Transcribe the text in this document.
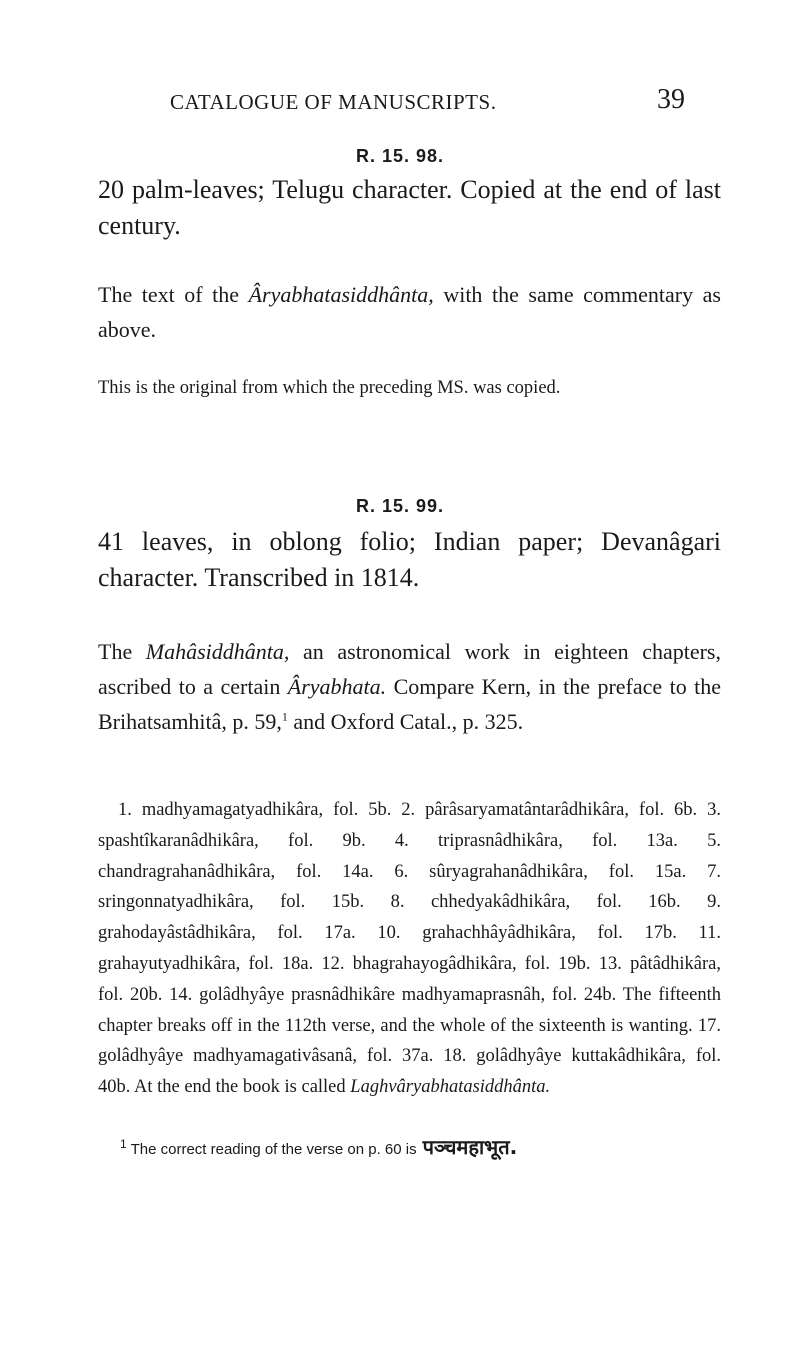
CATALOGUE OF MANUSCRIPTS.	39
R. 15. 98.
20 palm-leaves; Telugu character. Copied at the end of last century.
The text of the Âryabhatasiddhânta, with the same commentary as above.
This is the original from which the preceding MS. was copied.
R. 15. 99.
41 leaves, in oblong folio; Indian paper; Devanâgari character. Transcribed in 1814.
The Mahâsiddhânta, an astronomical work in eighteen chapters, ascribed to a certain Âryabhata. Compare Kern, in the preface to the Brihatsamhitâ, p. 59,$^1$ and Oxford Catal., p. 325.
1. madhyamagatyadhikâra, fol. 5b. 2. pârâsaryamatântarâdhikâra, fol. 6b. 3. spashtîkaranâdhikâra, fol. 9b. 4. triprasnâdhikâra, fol. 13a. 5. chandragrahanâdhikâra, fol. 14a. 6. sûryagrahanâdhikâra, fol. 15a. 7. sringonnatyadhikâra, fol. 15b. 8. chhedyakâdhikâra, fol. 16b. 9. grahodayâstâdhikâra, fol. 17a. 10. grahachhâyâdhikâra, fol. 17b. 11. grahayutyadhikâra, fol. 18a. 12. bhagrahayogâdhikâra, fol. 19b. 13. pâtâdhikâra, fol. 20b. 14. golâdhyâye prasnâdhikâre madhyamaprasnâh, fol. 24b. The fifteenth chapter breaks off in the 112th verse, and the whole of the sixteenth is wanting. 17. golâdhyâye madhyamagativâsanâ, fol. 37a. 18. golâdhyâye kuttakâdhikâra, fol. 40b. At the end the book is called Laghvâryabhatasiddhânta.
$^1$ The correct reading of the verse on p. 60 is पञ्चमहाभूत.
